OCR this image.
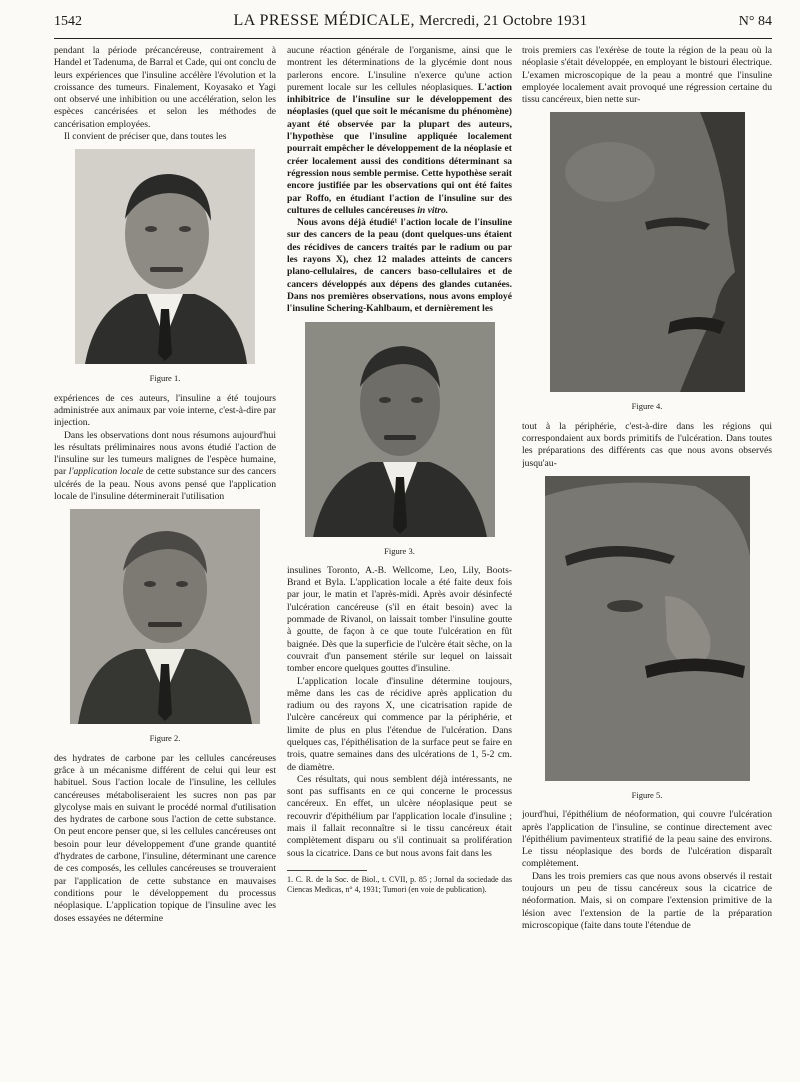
1542	LA PRESSE MÉDICALE, Mercredi, 21 Octobre 1931	N° 84

pendant la période précancéreuse, contrairement à Handel et Tadenuma, de Barral et Cade, qui ont conclu de leurs expériences que l'insuline accélère l'évolution et la croissance des tumeurs. Finalement, Koyasako et Yagi ont observé une inhibition ou une accélération, selon les espèces cancérisées et selon les méthodes de cancérisation employées.

Il convient de préciser que, dans toutes les

Figure 1.

expériences de ces auteurs, l'insuline a été toujours administrée aux animaux par voie interne, c'est-à-dire par injection.

Dans les observations dont nous résumons aujourd'hui les résultats préliminaires nous avons étudié l'action de l'insuline sur les tumeurs malignes de l'espèce humaine, par l'application locale de cette substance sur des cancers ulcérés de la peau. Nous avons pensé que l'application locale de l'insuline déterminerait l'utilisation

Figure 2.

des hydrates de carbone par les cellules cancéreuses grâce à un mécanisme différent de celui qui leur est habituel. Sous l'action locale de l'insuline, les cellules cancéreuses métaboliseraient les sucres non pas par glycolyse mais en suivant le procédé normal d'utilisation des hydrates de carbone sous l'action de cette substance. On peut encore penser que, si les cellules cancéreuses ont besoin pour leur développement d'une grande quantité d'hydrates de carbone, l'insuline, déterminant une carence de ces composés, les cellules cancéreuses se trouveraient par l'application de cette substance en mauvaises conditions pour le développement du processus néoplasique. L'application topique de l'insuline avec les doses essayées ne détermine

aucune réaction générale de l'organisme, ainsi que le montrent les déterminations de la glycémie dont nous parlerons encore. L'insuline n'exerce qu'une action purement locale sur les cellules néoplasiques. L'action inhibitrice de l'insuline sur le développement des néoplasies (quel que soit le mécanisme du phénomène) ayant été observée par la plupart des auteurs, l'hypothèse que l'insuline appliquée localement pourrait empêcher le développement de la néoplasie et créer localement aussi des conditions déterminant sa régression nous semble permise. Cette hypothèse serait encore justifiée par les observations qui ont été faites par Roffo, en étudiant l'action de l'insuline sur des cultures de cellules cancéreuses in vitro.

Nous avons déjà étudié¹ l'action locale de l'insuline sur des cancers de la peau (dont quelques-uns étaient des récidives de cancers traités par le radium ou par les rayons X), chez 12 malades atteints de cancers plano-cellulaires, de cancers baso-cellulaires et de cancers développés aux dépens des glandes cutanées. Dans nos premières observations, nous avons employé l'insuline Schering-Kahlbaum, et dernièrement les

Figure 3.

insulines Toronto, A.-B. Wellcome, Leo, Lily, Boots-Brand et Byla. L'application locale a été faite deux fois par jour, le matin et l'après-midi. Après avoir désinfecté l'ulcération cancéreuse (s'il en était besoin) avec la pommade de Rivanol, on laissait tomber l'insuline goutte à goutte, de façon à ce que toute l'ulcération en fût baignée. Dès que la superficie de l'ulcère était sèche, on la couvrait d'un pansement stérile sur lequel on laissait tomber encore quelques gouttes d'insuline.

L'application locale d'insuline détermine toujours, même dans les cas de récidive après application du radium ou des rayons X, une cicatrisation rapide de l'ulcère cancéreux qui commence par la périphérie, et limite de plus en plus l'étendue de l'ulcération. Dans quelques cas, l'épithélisation de la surface peut se faire en trois, quatre semaines dans des ulcérations de 1, 5-2 cm. de diamètre.

Ces résultats, qui nous semblent déjà intéressants, ne sont pas suffisants en ce qui concerne le processus cancéreux. En effet, un ulcère néoplasique peut se recouvrir d'épithélium par l'application locale d'insuline ; mais il fallait reconnaître si le tissu cancéreux était complètement disparu ou s'il continuait sa prolifération sous la cicatrice. Dans ce but nous avons fait dans les

1. C. R. de la Soc. de Biol., t. CVII, p. 85 ; Jornal da sociedade das Ciencas Medicas, n° 4, 1931; Tumori (en voie de publication).

trois premiers cas l'exérèse de toute la région de la peau où la néoplasie s'était développée, en employant le bistouri électrique. L'examen microscopique de la peau a montré que l'insuline employée localement avait provoqué une régression certaine du tissu cancéreux, bien nette sur-

Figure 4.

tout à la périphérie, c'est-à-dire dans les régions qui correspondaient aux bords primitifs de l'ulcération. Dans toutes les préparations des différents cas que nous avons observés jusqu'au-

Figure 5.

jourd'hui, l'épithélium de néoformation, qui couvre l'ulcération après l'application de l'insuline, se continue directement avec l'épithélium pavimenteux stratifié de la peau saine des environs. Le tissu néoplasique des bords de l'ulcération disparaît complètement.

Dans les trois premiers cas que nous avons observés il restait toujours un peu de tissu cancéreux sous la cicatrice de néoformation. Mais, si on compare l'extension primitive de la lésion avec l'extension de la partie de la préparation microscopique (faite dans toute l'étendue de
